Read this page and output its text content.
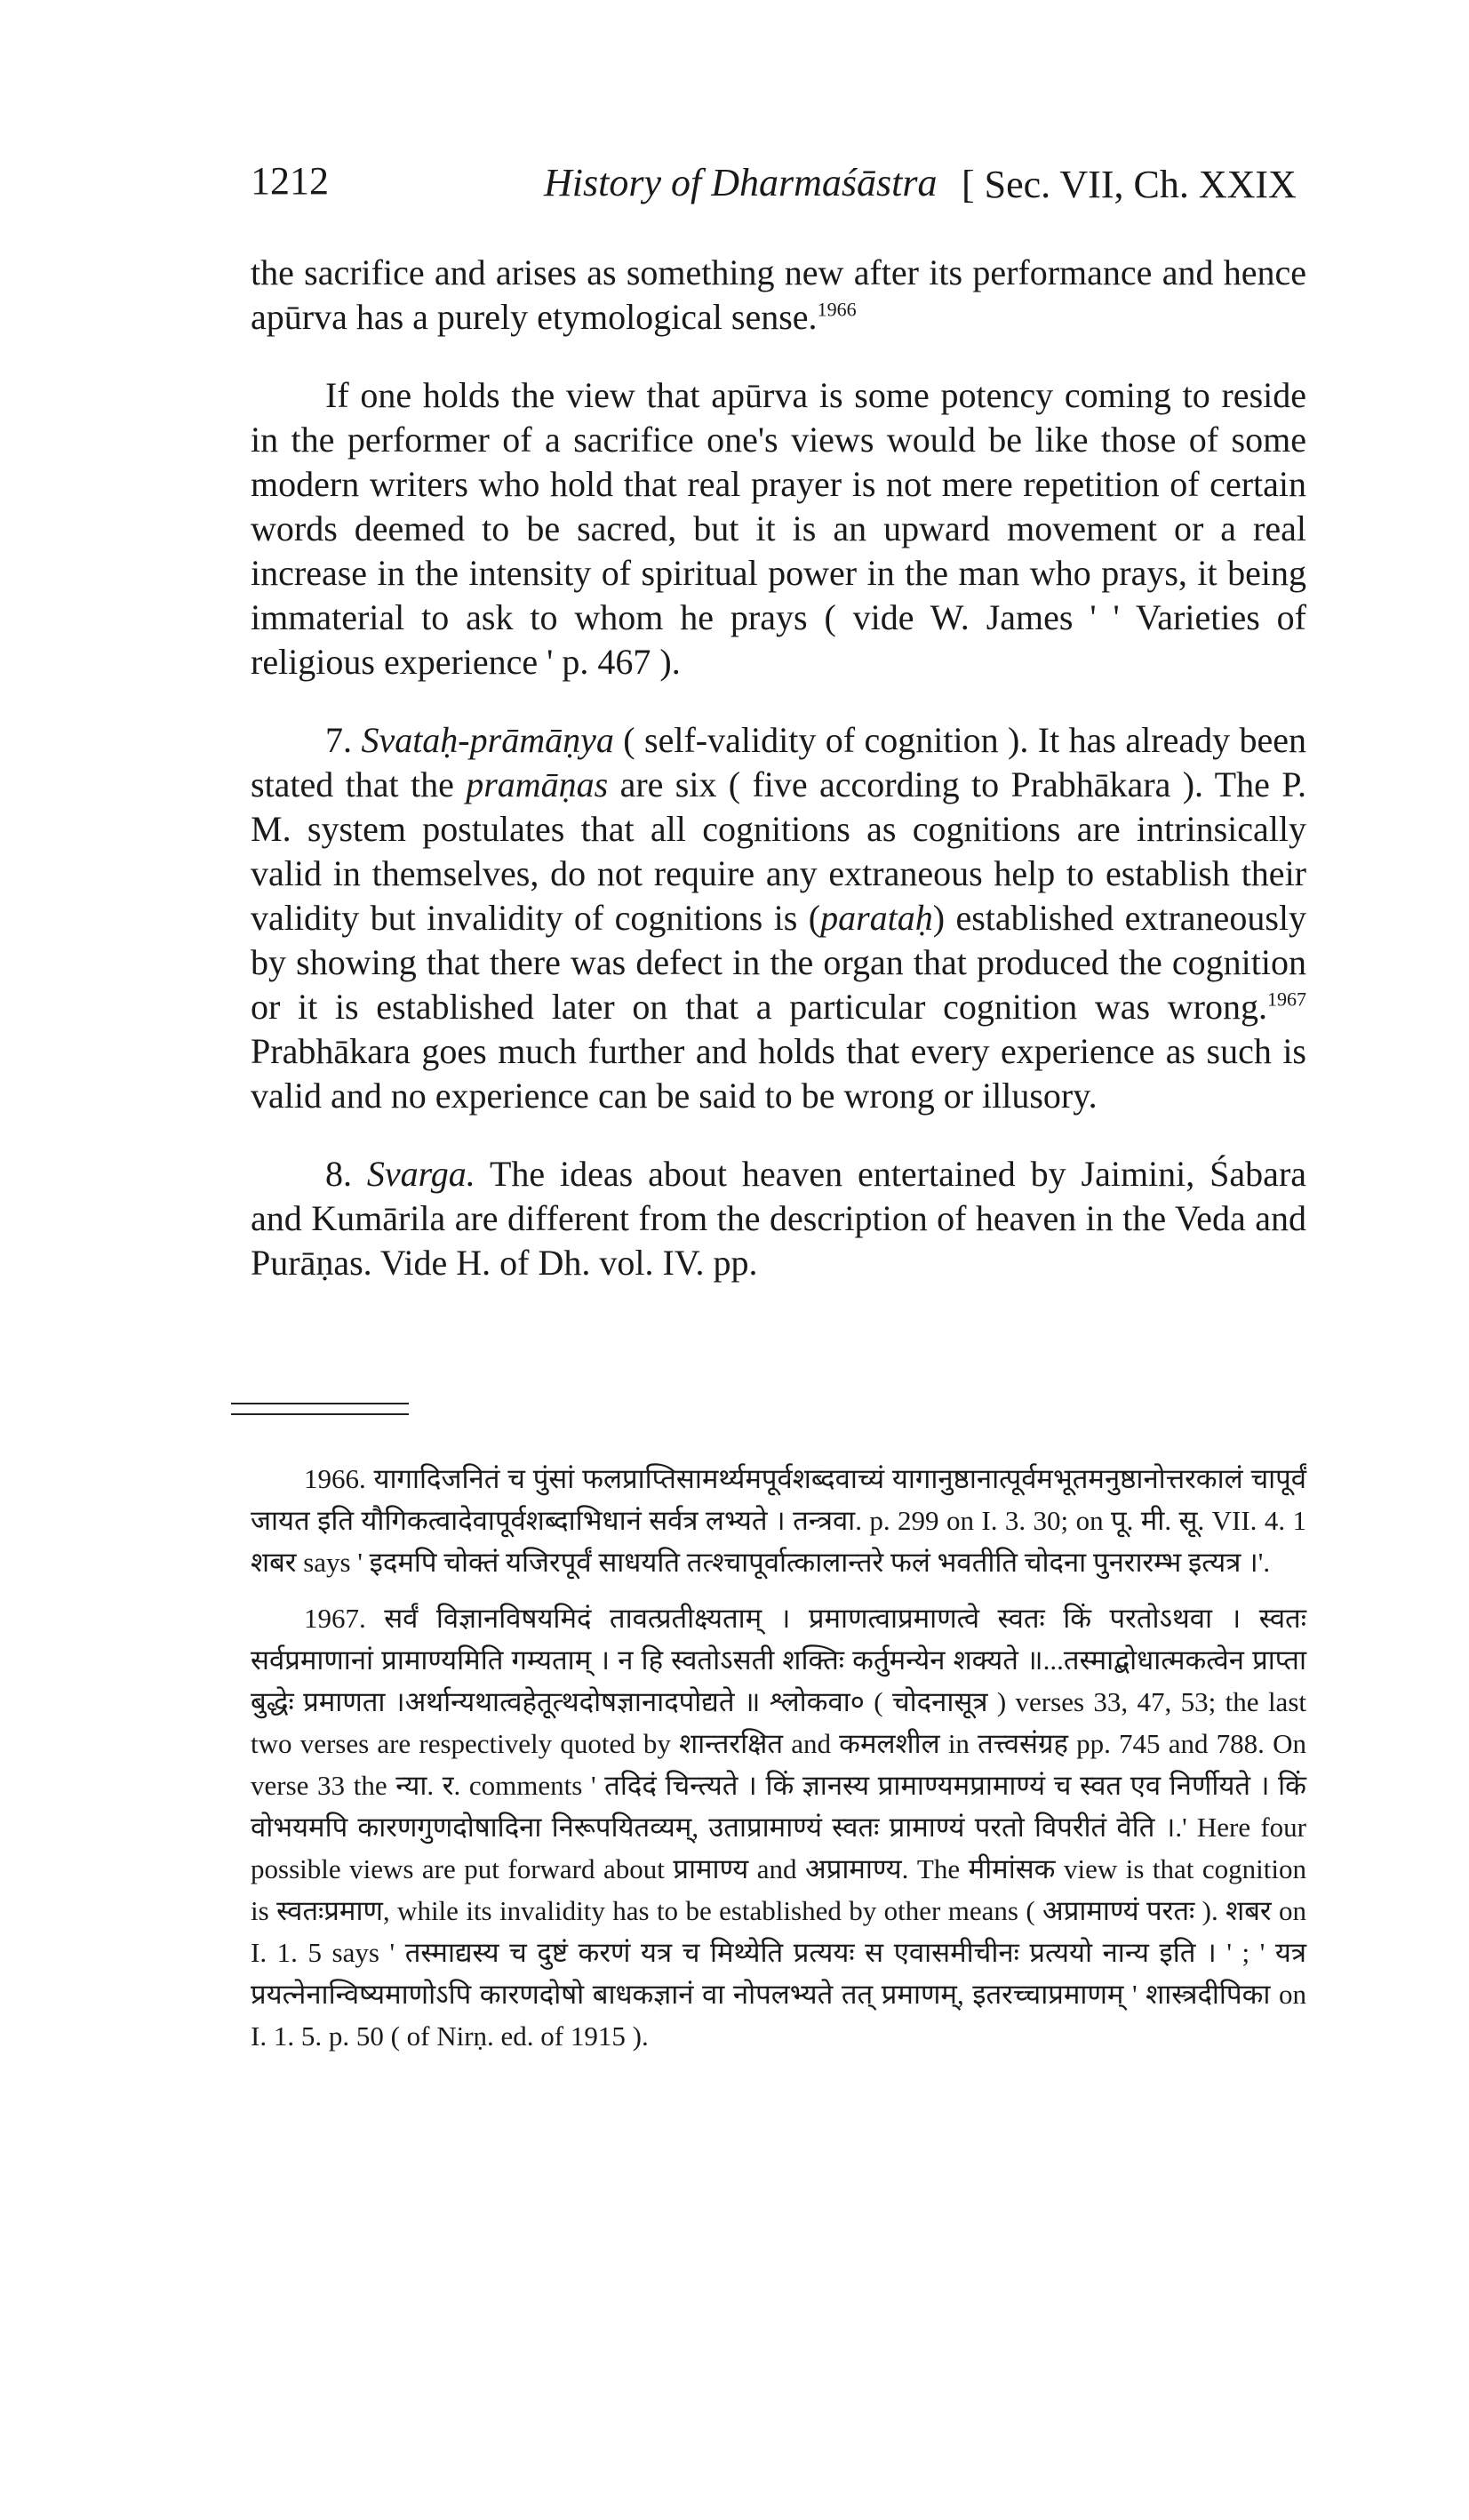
1212	History of Dharmaśāstra [ Sec. VII, Ch. XXIX

the sacrifice and arises as something new after its performance and hence apūrva has a purely etymological sense.$^{1966}$

If one holds the view that apūrva is some potency coming to reside in the performer of a sacrifice one's views would be like those of some modern writers who hold that real prayer is not mere repetition of certain words deemed to be sacred, but it is an upward movement or a real increase in the intensity of spiritual power in the man who prays, it being immaterial to ask to whom he prays ( vide W. James ' ' Varieties of religious experience ' p. 467 ).

7. Svataḥ-prāmāṇya ( self-validity of cognition ). It has already been stated that the pramāṇas are six ( five according to Prabhākara ). The P. M. system postulates that all cognitions as cognitions are intrinsically valid in themselves, do not require any extraneous help to establish their validity but invalidity of cognitions is (parataḥ) established extraneously by showing that there was defect in the organ that produced the cognition or it is established later on that a particular cognition was wrong.$^{1967}$ Prabhākara goes much further and holds that every experience as such is valid and no experience can be said to be wrong or illusory.

8. Svarga. The ideas about heaven entertained by Jaimini, Śabara and Kumārila are different from the description of heaven in the Veda and Purāṇas. Vide H. of Dh. vol. IV. pp.

1966. यागादिजनितं च पुंसां फलप्राप्तिसामर्थ्यमपूर्वशब्दवाच्यं यागानुष्ठानात्पूर्वमभूतमनुष्ठानोत्तरकालं चापूर्वं जायत इति यौगिकत्वादेवापूर्वशब्दाभिधानं सर्वत्र लभ्यते । तन्त्रवा. p. 299 on I. 3. 30; on पू. मी. सू. VII. 4. 1 शबर says ' इदमपि चोक्तं यजिरपूर्वं साधयति तत्श्चापूर्वात्कालान्तरे फलं भवतीति चोदना पुनरारम्भ इत्यत्र ।'.

1967. सर्वं विज्ञानविषयमिदं तावत्प्रतीक्ष्यताम् । प्रमाणत्वाप्रमाणत्वे स्वतः किं परतोऽथवा । स्वतः सर्वप्रमाणानां प्रामाण्यमिति गम्यताम् । न हि स्वतोऽसती शक्तिः कर्तुमन्येन शक्यते ॥...तस्माद्बोधात्मकत्वेन प्राप्ता बुद्धेः प्रमाणता ।अर्थान्यथात्वहेतूत्थदोषज्ञानादपोद्यते ॥ श्लोकवा० ( चोदनासूत्र ) verses 33, 47, 53; the last two verses are respectively quoted by शान्तरक्षित and कमलशील in तत्त्वसंग्रह pp. 745 and 788. On verse 33 the न्या. र. comments ' तदिदं चिन्त्यते । किं ज्ञानस्य प्रामाण्यमप्रामाण्यं च स्वत एव निर्णीयते । किं वोभयमपि कारणगुणदोषादिना निरूपयितव्यम्, उताप्रामाण्यं स्वतः प्रामाण्यं परतो विपरीतं वेति ।.' Here four possible views are put forward about प्रामाण्य and अप्रामाण्य. The मीमांसक view is that cognition is स्वतःप्रमाण, while its invalidity has to be established by other means ( अप्रामाण्यं परतः ). शबर on I. 1. 5 says ' तस्माद्यस्य च दुष्टं करणं यत्र च मिथ्येति प्रत्ययः स एवासमीचीनः प्रत्ययो नान्य इति । ' ; ' यत्र प्रयत्नेनान्विष्यमाणोऽपि कारणदोषो बाधकज्ञानं वा नोपलभ्यते तत् प्रमाणम्, इतरच्चाप्रमाणम् ' शास्त्रदीपिका on I. 1. 5. p. 50 ( of Nirṇ. ed. of 1915 ).
